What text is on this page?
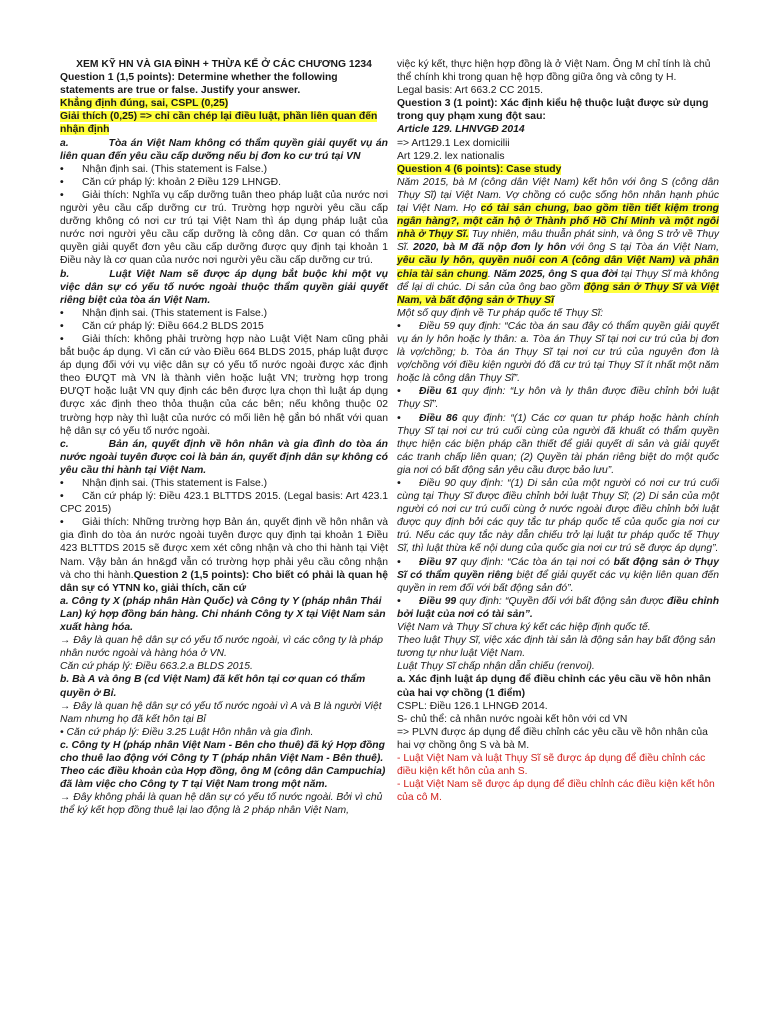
XEM KỸ HN VÀ GIA ĐÌNH + THỪA KẾ Ở CÁC CHƯƠNG 1234

Question 1 (1,5 points): Determine whether the following statements are true or false. Justify your answer.

Khẳng định đúng, sai, CSPL (0,25)

Giải thích (0,25) => chỉ cần chép lại điều luật, phần liên quan đến nhận định

a.	Tòa án Việt Nam không có thẩm quyền giải quyết vụ án liên quan đến yêu cầu cấp dưỡng nếu bị đơn ko cư trú tại VN

• Nhận định sai. (This statement is False.)

• Căn cứ pháp lý: khoản 2 Điều 129 LHNGĐ.

• Giải thích: Nghĩa vụ cấp dưỡng tuân theo pháp luật của nước nơi người yêu cầu cấp dưỡng cư trú. Trường hợp người yêu cầu cấp dưỡng không có nơi cư trú tại Việt Nam thì áp dụng pháp luật của nước nơi người yêu cầu cấp dưỡng là công dân. Cơ quan có thẩm quyền giải quyết đơn yêu cầu cấp dưỡng được quy định tại khoản 1 Điều này là cơ quan của nước nơi người yêu cầu cấp dưỡng cư trú.

b.	Luật Việt Nam sẽ được áp dụng bắt buộc khi một vụ việc dân sự có yếu tố nước ngoài thuộc thẩm quyền giải quyết riêng biệt của tòa án Việt Nam.

• Nhận định sai. (This statement is False.)

• Căn cứ pháp lý: Điều 664.2 BLDS 2015

• Giải thích: không phải trường hợp nào Luật Việt Nam cũng phải bắt buộc áp dụng. Vì căn cứ vào Điều 664 BLDS 2015, pháp luật được áp dụng đối với vụ việc dân sự có yếu tố nước ngoài được xác định theo ĐƯQT mà VN là thành viên hoặc luật VN; trường hợp trong ĐƯQT hoặc luật VN quy định các bên được lựa chọn thì luật áp dụng được xác định theo thỏa thuận của các bên; nếu không thuộc 02 trường hợp này thì luật của nước có mối liên hệ gắn bó nhất với quan hệ dân sự có yếu tố nước ngoài.

c.	Bản án, quyết định về hôn nhân và gia đình do tòa án nước ngoài tuyên được coi là bản án, quyết định dân sự không có yêu cầu thi hành tại Việt Nam.

• Nhận định sai. (This statement is False.)

• Căn cứ pháp lý: Điều 423.1 BLTTDS 2015. (Legal basis: Art 423.1 CPC 2015)

• Giải thích: Những trường hợp Bản án, quyết định về hôn nhân và gia đình do tòa án nước ngoài tuyên được quy định tại khoản 1 Điều 423 BLTTDS 2015 sẽ được xem xét công nhận và cho thi hành tại Việt Nam. Vậy bản án hn&gđ vẫn có trường hợp phải yêu cầu công nhận và cho thi hành.Question 2 (1,5 points): Cho biết có phải là quan hệ dân sự có YTNN ko, giải thích, căn cứ

a. Công ty X (pháp nhân Hàn Quốc) và Công ty Y (pháp nhân Thái Lan) ký hợp đồng bán hàng. Chi nhánh Công ty X tại Việt Nam sản xuất hàng hóa.

→ Đây là quan hệ dân sự có yếu tố nước ngoài, vì các công ty là pháp nhân nước ngoài và hàng hóa ở VN.

Căn cứ pháp lý: Điều 663.2.a BLDS 2015.

b. Bà A và ông B (cd Việt Nam) đã kết hôn tại cơ quan có thẩm quyền ở Bỉ.

→ Đây là quan hệ dân sự có yếu tố nước ngoài vì A và B là người Việt Nam nhưng họ đã kết hôn tại Bỉ

• Căn cứ pháp lý: Điều 3.25 Luật Hôn nhân và gia đình.

c. Công ty H (pháp nhân Việt Nam - Bên cho thuê) đã ký Hợp đồng cho thuê lao động với Công ty T (pháp nhân Việt Nam - Bên thuê). Theo các điều khoản của Hợp đồng, ông M (công dân Campuchia) đã làm việc cho Công ty T tại Việt Nam trong một năm.

→ Đây không phải là quan hệ dân sự có yếu tố nước ngoài. Bởi vì chủ thể ký kết hợp đồng thuê lại lao động là 2 pháp nhân Việt Nam,

việc ký kết, thực hiện hợp đồng là ở Việt Nam. Ông M chỉ tính là chủ thể chính khi trong quan hệ hợp đồng giữa ông và công ty H.

Legal basis: Art 663.2 CC 2015.

Question 3 (1 point): Xác định kiểu hệ thuộc luật được sử dụng trong quy phạm xung đột sau:

Article 129. LHNVGĐ 2014

=> Art129.1 Lex domicilii

Art 129.2. lex nationalis

Question 4 (6 points): Case study

Năm 2015, bà M (công dân Việt Nam) kết hôn với ông S (công dân Thụy Sĩ) tại Việt Nam. Vợ chồng có cuộc sống hôn nhân hạnh phúc tại Việt Nam. Họ có tài sản chung, bao gồm tiền tiết kiệm trong ngân hàng?, một căn hộ ở Thành phố Hồ Chí Minh và một ngôi nhà ở Thụy Sĩ. Tuy nhiên, mâu thuẫn phát sinh, và ông S trở về Thụy Sĩ. 2020, bà M đã nộp đơn ly hôn với ông S tại Tòa án Việt Nam, yêu cầu ly hôn, quyền nuôi con A (công dân Việt Nam) và phân chia tài sản chung. Năm 2025, ông S qua đời tại Thụy Sĩ mà không để lại di chúc. Di sản của ông bao gồm động sản ở Thụy Sĩ và Việt Nam, và bất động sản ở Thụy Sĩ

Một số quy định về Tư pháp quốc tế Thụy Sĩ:

• Điều 59 quy định: “Các tòa án sau đây có thẩm quyền giải quyết vụ án ly hôn hoặc ly thân: a. Tòa án Thụy Sĩ tại nơi cư trú của bị đơn là vợ/chồng; b. Tòa án Thụy Sĩ tại nơi cư trú của nguyên đơn là vợ/chồng với điều kiện người đó đã cư trú tại Thụy Sĩ ít nhất một năm hoặc là công dân Thụy Sĩ”.

• Điều 61 quy định: “Ly hôn và ly thân được điều chỉnh bởi luật Thụy Sĩ”.

• Điều 86 quy định: “(1) Các cơ quan tư pháp hoặc hành chính Thụy Sĩ tại nơi cư trú cuối cùng của người đã khuất có thẩm quyền thực hiện các biện pháp cần thiết để giải quyết di sản và giải quyết các tranh chấp liên quan; (2) Quyền tài phán riêng biệt do một quốc gia nơi có bất động sản yêu cầu được bảo lưu”.

• Điều 90 quy định: “(1) Di sản của một người có nơi cư trú cuối cùng tại Thụy Sĩ được điều chỉnh bởi luật Thụy Sĩ; (2) Di sản của một người có nơi cư trú cuối cùng ở nước ngoài được điều chỉnh bởi luật được quy định bởi các quy tắc tư pháp quốc tế của quốc gia nơi cư trú. Nếu các quy tắc này dẫn chiếu trở lại luật tư pháp quốc tế Thụy Sĩ, thì luật thừa kế nội dung của quốc gia nơi cư trú sẽ được áp dụng”.

• Điều 97 quy định: “Các tòa án tại nơi có bất động sản ở Thụy Sĩ có thẩm quyền riêng biệt để giải quyết các vụ kiện liên quan đến quyền in rem đối với bất động sản đó”.

• Điều 99 quy định: “Quyền đối với bất động sản được điều chỉnh bởi luật của nơi có tài sản”.

Việt Nam và Thụy Sĩ chưa ký kết các hiệp định quốc tế.

Theo luật Thụy Sĩ, việc xác định tài sản là động sản hay bất động sản tương tự như luật Việt Nam.

Luật Thụy Sĩ chấp nhận dẫn chiếu (renvoi).

a. Xác định luật áp dụng để điều chỉnh các yêu cầu về hôn nhân của hai vợ chồng (1 điểm)

CSPL: Điều 126.1 LHNGĐ 2014.

S- chủ thể: cả nhân nước ngoài kết hôn với cd VN

=> PLVN được áp dụng để điều chỉnh các yêu cầu về hôn nhân của hai vợ chồng ông S và bà M.

- Luật Việt Nam và luật Thụy Sĩ sẽ được áp dụng để điều chỉnh các điều kiện kết hôn của anh S.

- Luật Việt Nam sẽ được áp dụng để điều chỉnh các điều kiện kết hôn của cô M.
